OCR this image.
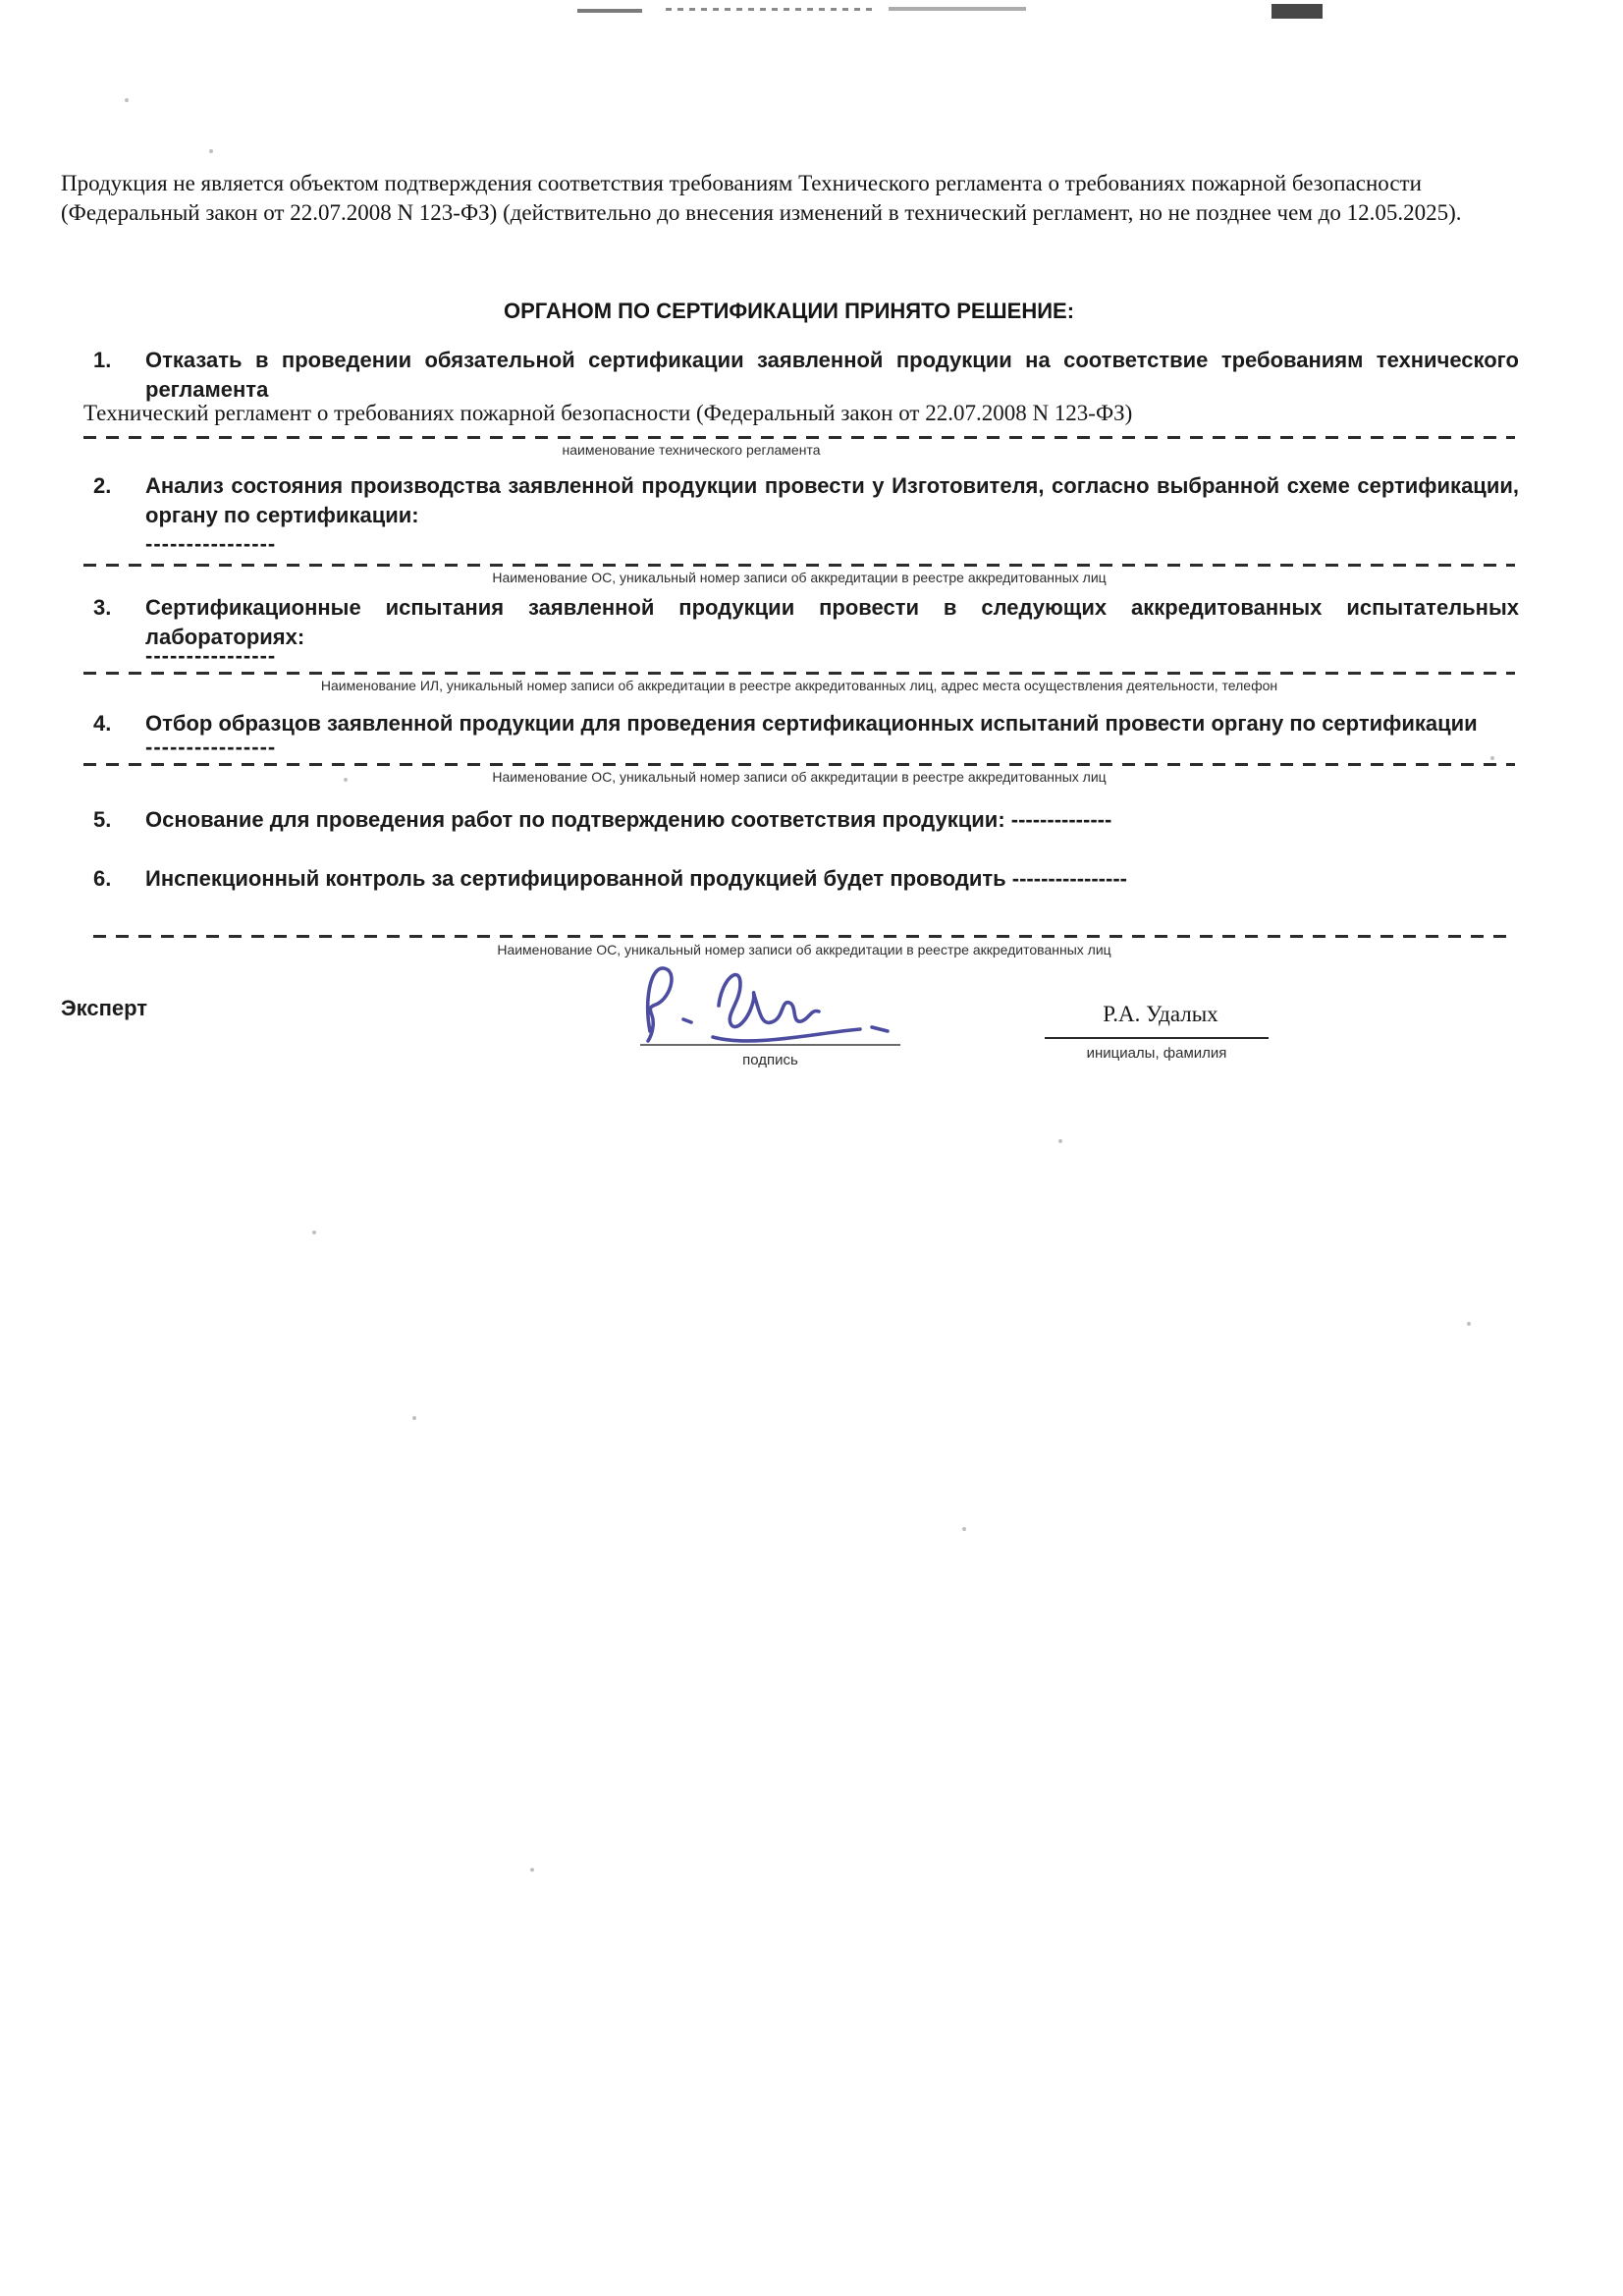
Продукция не является объектом подтверждения соответствия требованиям Технического регламента о требованиях пожарной безопасности (Федеральный закон от 22.07.2008 N 123-ФЗ) (действительно до внесения изменений в технический регламент, но не позднее чем до 12.05.2025).
ОРГАНОМ ПО СЕРТИФИКАЦИИ ПРИНЯТО РЕШЕНИЕ:
1.	Отказать в проведении обязательной сертификации заявленной продукции на соответствие требованиям технического регламента
Технический регламент о требованиях пожарной безопасности (Федеральный закон от 22.07.2008 N 123-ФЗ)
наименование технического регламента
2.	Анализ состояния производства заявленной продукции провести у Изготовителя, согласно выбранной схеме сертификации, органу по сертификации:
----------------
Наименование ОС, уникальный номер записи об аккредитации в реестре аккредитованных лиц
3.	Сертификационные испытания заявленной продукции провести в следующих аккредитованных испытательных лабораториях:
----------------
Наименование ИЛ, уникальный номер записи об аккредитации в реестре аккредитованных лиц, адрес места осуществления деятельности, телефон
4.	Отбор образцов заявленной продукции для проведения сертификационных испытаний провести органу по сертификации
----------------
Наименование ОС, уникальный номер записи об аккредитации в реестре аккредитованных лиц
5.	Основание для проведения работ по подтверждению соответствия продукции: --------------
6.	Инспекционный контроль за сертифицированной продукцией будет проводить ----------------
Наименование ОС, уникальный номер записи об аккредитации в реестре аккредитованных лиц
Эксперт
подпись
Р.А. Удалых
инициалы, фамилия
